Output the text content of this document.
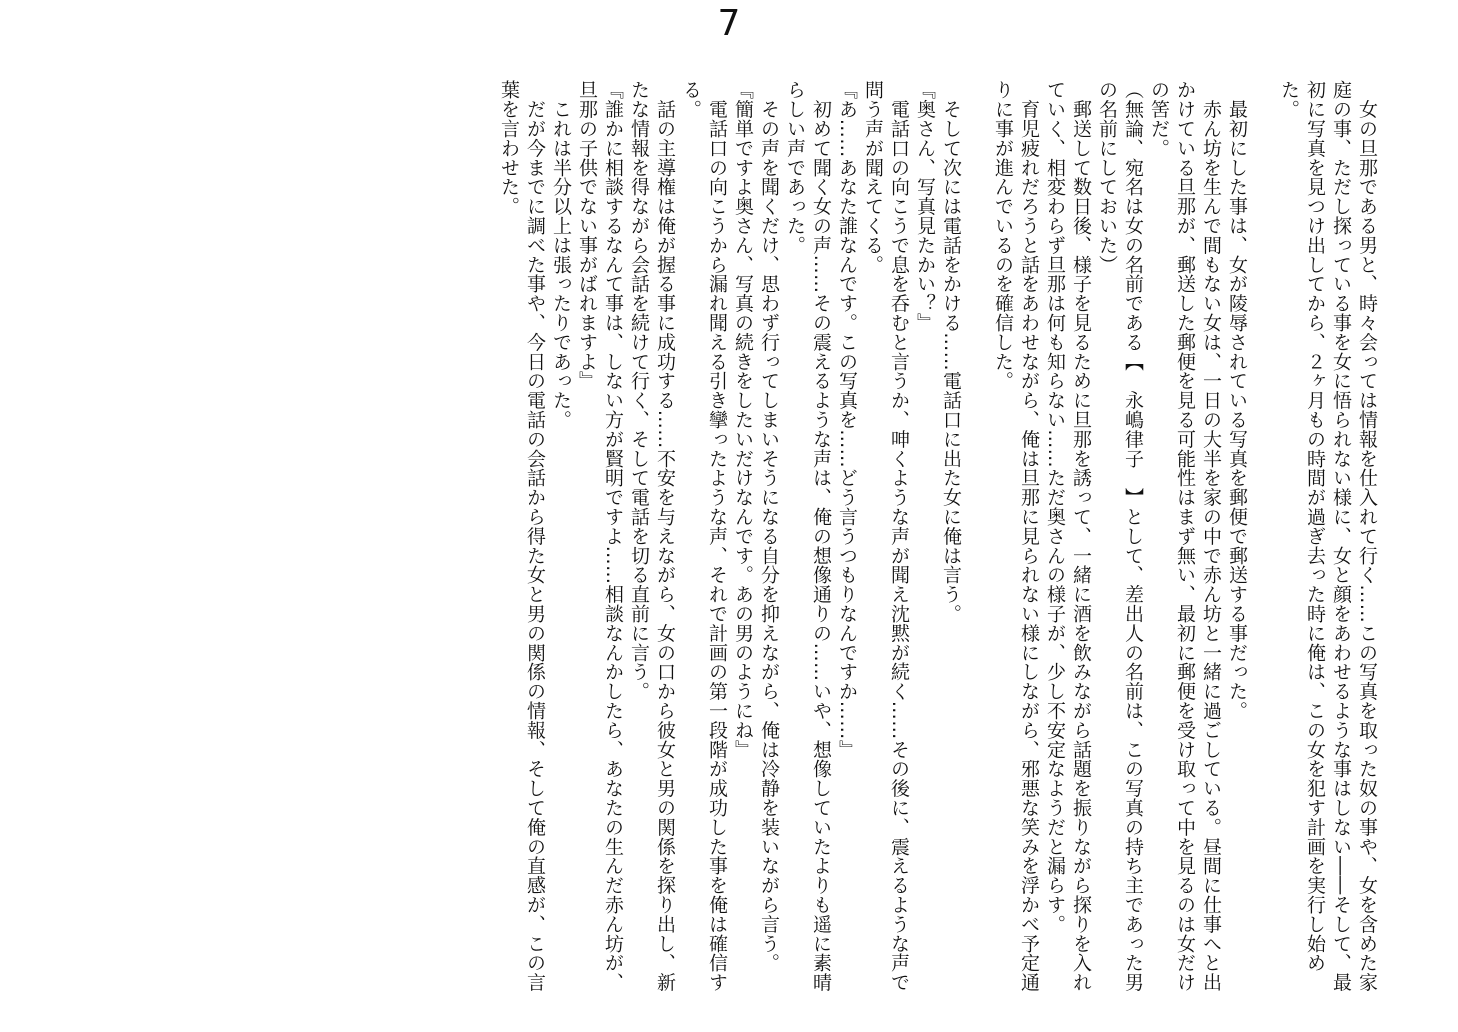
7

　女の旦那である男と、時々会っては情報を仕入れて行く……この写真を取った奴の事や、女を含めた家庭の事、ただし探っている事を女に悟られない様に、女と顔をあわせるような事はしない――そして、最初に写真を見つけ出してから、２ヶ月もの時間が過ぎ去った時に俺は、この女を犯す計画を実行し始めた。

　最初にした事は、女が陵辱されている写真を郵便で郵送する事だった。

　赤ん坊を生んで間もない女は、一日の大半を家の中で赤ん坊と一緒に過ごしている。昼間に仕事へと出かけている旦那が、郵送した郵便を見る可能性はまず無い、最初に郵便を受け取って中を見るのは女だけの筈だ。

（無論、宛名は女の名前である【　永嶋律子　】として、差出人の名前は、この写真の持ち主であった男の名前にしておいた）

　郵送して数日後、様子を見るために旦那を誘って、一緒に酒を飲みながら話題を振りながら探りを入れていく、相変わらず旦那は何も知らない……ただ奥さんの様子が、少し不安定なようだと漏らす。

　育児疲れだろうと話をあわせながら、俺は旦那に見られない様にしながら、邪悪な笑みを浮かべ予定通りに事が進んでいるのを確信した。

　そして次には電話をかける……電話口に出た女に俺は言う。

『奥さん、写真見たかい？』

　電話口の向こうで息を呑むと言うか、呻くような声が聞え沈黙が続く……その後に、震えるような声で問う声が聞えてくる。

『あ……あなた誰なんです。この写真を……どう言うつもりなんですか……』

　初めて聞く女の声……その震えるような声は、俺の想像通りの……いや、想像していたよりも遥に素晴らしい声であった。

　その声を聞くだけ、思わず行ってしまいそうになる自分を抑えながら、俺は冷静を装いながら言う。

『簡単ですよ奥さん、写真の続きをしたいだけなんです。あの男のようにね』

　電話口の向こうから漏れ聞える引き攣ったような声、それで計画の第一段階が成功した事を俺は確信する。

　話の主導権は俺が握る事に成功する……不安を与えながら、女の口から彼女と男の関係を探り出し、新たな情報を得ながら会話を続けて行く、そして電話を切る直前に言う。

『誰かに相談するなんて事は、しない方が賢明ですよ……相談なんかしたら、あなたの生んだ赤ん坊が、旦那の子供でない事がばれますよ』

　これは半分以上は張ったりであった。

　だが今までに調べた事や、今日の電話の会話から得た女と男の関係の情報、そして俺の直感が、この言葉を言わせた。
